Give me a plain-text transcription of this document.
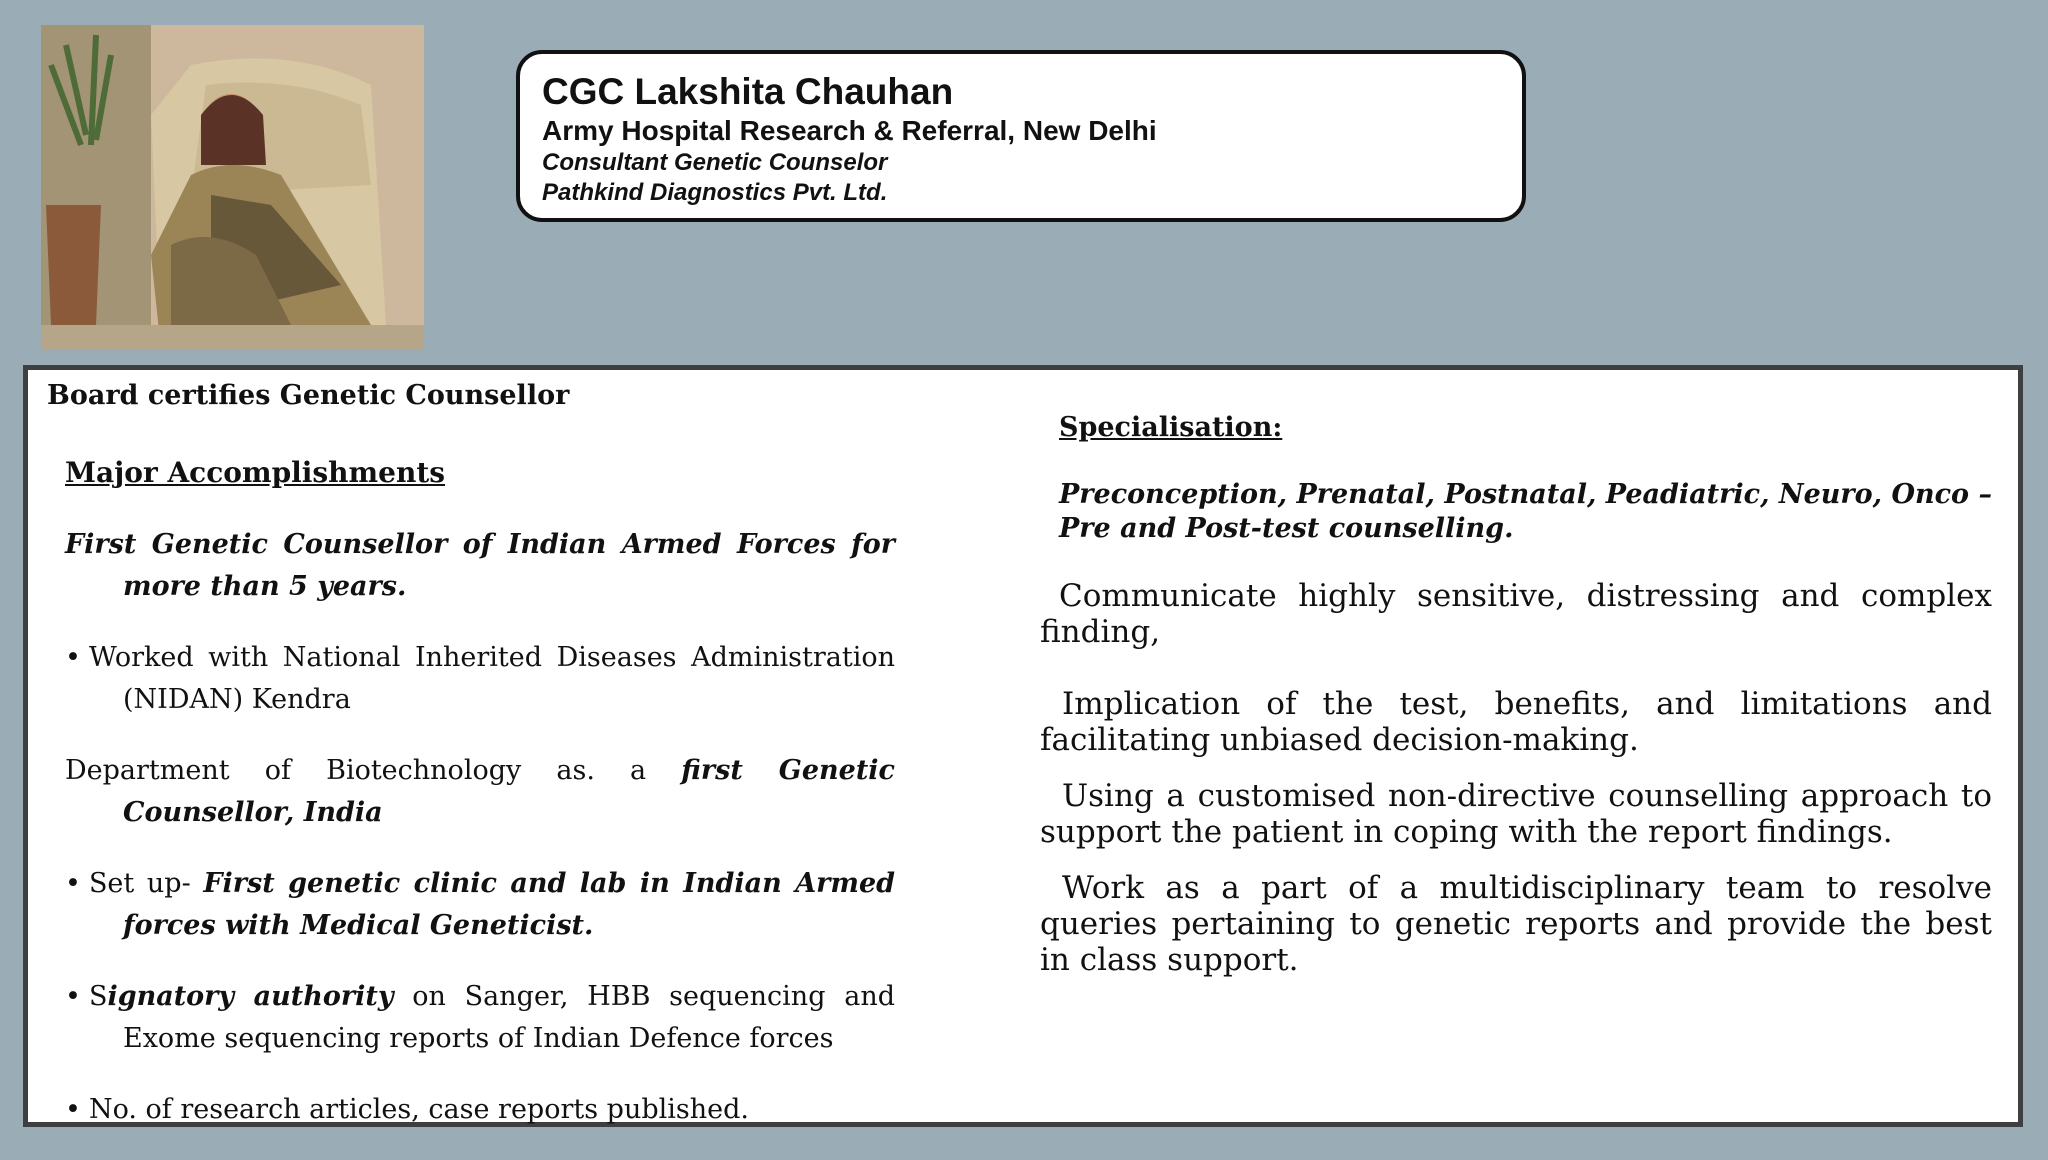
CGC Lakshita Chauhan
Army Hospital Research & Referral, New Delhi
Consultant Genetic Counselor
Pathkind Diagnostics Pvt. Ltd.
Board certifies Genetic Counsellor
Major Accomplishments
First Genetic Counsellor of Indian Armed Forces for more than 5 years.
• Worked with National Inherited Diseases Administration (NIDAN) Kendra
Department of Biotechnology as. a first Genetic Counsellor, India
• Set up- First genetic clinic and lab in Indian Armed forces with Medical Geneticist.
• Signatory authority on Sanger, HBB sequencing and Exome sequencing reports of Indian Defence forces
• No. of research articles, case reports published.
Specialisation:
Preconception, Prenatal, Postnatal, Peadiatric, Neuro, Onco – Pre and Post-test counselling.
Communicate highly sensitive, distressing and complex finding,
Implication of the test, benefits, and limitations and facilitating unbiased decision-making.
Using a customised non-directive counselling approach to support the patient in coping with the report findings.
Work as a part of a multidisciplinary team to resolve queries pertaining to genetic reports and provide the best in class support.
